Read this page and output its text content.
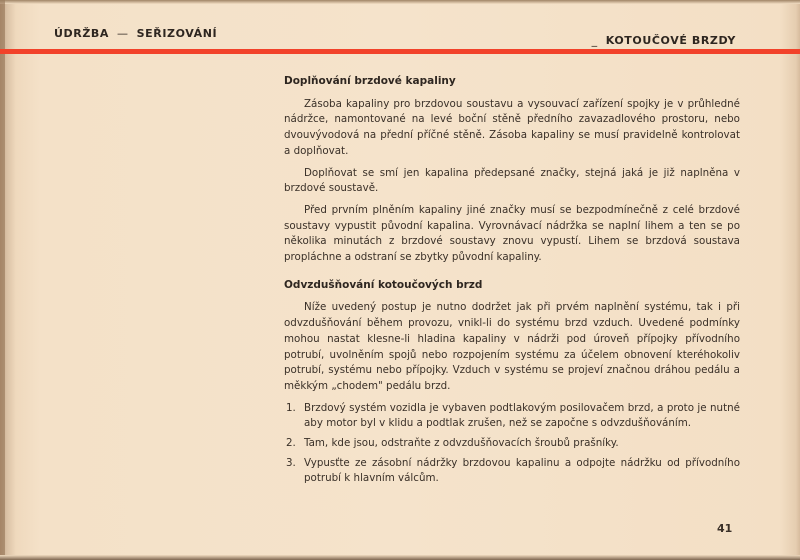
ÚDRŽBA — SEŘIZOVÁNÍ
_ KOTOUČOVÉ BRZDY
Doplňování brzdové kapaliny

Zásoba kapaliny pro brzdovou soustavu a vysouvací zařízení spojky je v průhledné nádržce, namontované na levé boční stěně předního zavazadlového prostoru, nebo dvouvývodová na přední příčné stěně. Zásoba kapaliny se musí pravidelně kontrolovat a doplňovat.

Doplňovat se smí jen kapalina předepsané značky, stejná jaká je již naplněna v brzdové soustavě.

Před prvním plněním kapaliny jiné značky musí se bezpodmínečně z celé brzdové soustavy vypustit původní kapalina. Vyrovnávací nádržka se naplní lihem a ten se po několika minutách z brzdové soustavy znovu vypustí. Lihem se brzdová soustava propláchne a odstraní se zbytky původní kapaliny.

Odvzdušňování kotoučových brzd

Níže uvedený postup je nutno dodržet jak při prvém naplnění systému, tak i při odvzdušňování během provozu, vnikl-li do systému brzd vzduch. Uvedené podmínky mohou nastat klesne-li hladina kapaliny v nádrži pod úroveň přípojky přívodního potrubí, uvolněním spojů nebo rozpojením systému za účelem obnovení kteréhokoliv potrubí, systému nebo přípojky. Vzduch v systému se projeví značnou dráhou pedálu a měkkým „chodem" pedálu brzd.

1. Brzdový systém vozidla je vybaven podtlakovým posilovačem brzd, a proto je nutné aby motor byl v klidu a podtlak zrušen, než se započne s odvzdušňováním.
2. Tam, kde jsou, odstraňte z odvzdušňovacích šroubů prašníky.
3. Vypusťte ze zásobní nádržky brzdovou kapalinu a odpojte nádržku od přívodního potrubí k hlavním válcům.
41
